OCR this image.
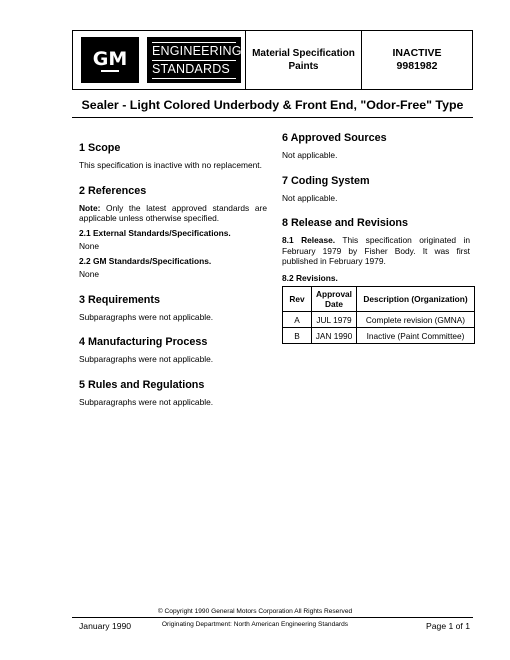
GM ENGINEERING
STANDARDS
Material Specification
Paints
INACTIVE
9981982
Sealer - Light Colored Underbody & Front End, "Odor-Free" Type
1 Scope

This specification is inactive with no replacement.

2 References

Note: Only the latest approved standards are applicable unless otherwise specified.

2.1 External Standards/Specifications.

None

2.2 GM Standards/Specifications.

None

3 Requirements

Subparagraphs were not applicable.

4 Manufacturing Process

Subparagraphs were not applicable.

5 Rules and Regulations

Subparagraphs were not applicable.

6 Approved Sources

Not applicable.

7 Coding System

Not applicable.

8 Release and Revisions

8.1 Release. This specification originated in February 1979 by Fisher Body. It was first published in February 1979.

8.2 Revisions.
Rev	Approval Date	Description (Organization)
A	JUL 1979	Complete revision (GMNA)
B	JAN 1990	Inactive (Paint Committee)
© Copyright 1990 General Motors Corporation All Rights Reserved
January 1990	Originating Department: North American Engineering Standards	Page 1 of 1
